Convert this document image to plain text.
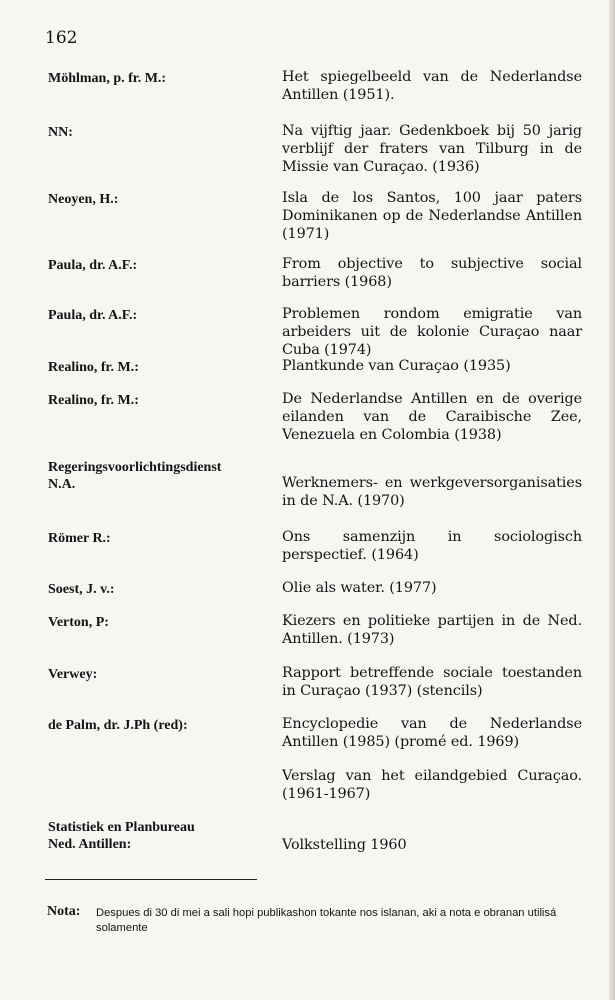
162
Möhlman, p. fr. M.:	Het spiegelbeeld van de Nederlandse Antillen (1951).
NN:	Na vijftig jaar. Gedenkboek bij 50 jarig verblijf der fraters van Tilburg in de Missie van Curaçao. (1936)
Neoyen, H.:	Isla de los Santos, 100 jaar paters Dominikanen op de Nederlandse Antillen (1971)
Paula, dr. A.F.:	From objective to subjective social barriers (1968)
Paula, dr. A.F.:	Problemen rondom emigratie van arbeiders uit de kolonie Curaçao naar Cuba (1974)
Realino, fr. M.:	Plantkunde van Curaçao (1935)
Realino, fr. M.:	De Nederlandse Antillen en de overige eilanden van de Caraibische Zee, Venezuela en Colombia (1938)
Regeringsvoorlichtingsdienst
N.A.	Werknemers- en werkgeversorganisaties in de N.A. (1970)
Römer R.:	Ons samenzijn in sociologisch perspectief. (1964)
Soest, J. v.:	Olie als water. (1977)
Verton, P:	Kiezers en politieke partijen in de Ned. Antillen. (1973)
Verwey:	Rapport betreffende sociale toestanden in Curaçao (1937) (stencils)
de Palm, dr. J.Ph (red):	Encyclopedie van de Nederlandse Antillen (1985) (promé ed. 1969)
Verslag van het eilandgebied Curaçao. (1961-1967)
Statistiek en Planbureau
Ned. Antillen:	Volkstelling 1960
Nota: Despues di 30 di mei a sali hopi publikashon tokante nos islanan, aki a nota e obranan utilisá solamente
